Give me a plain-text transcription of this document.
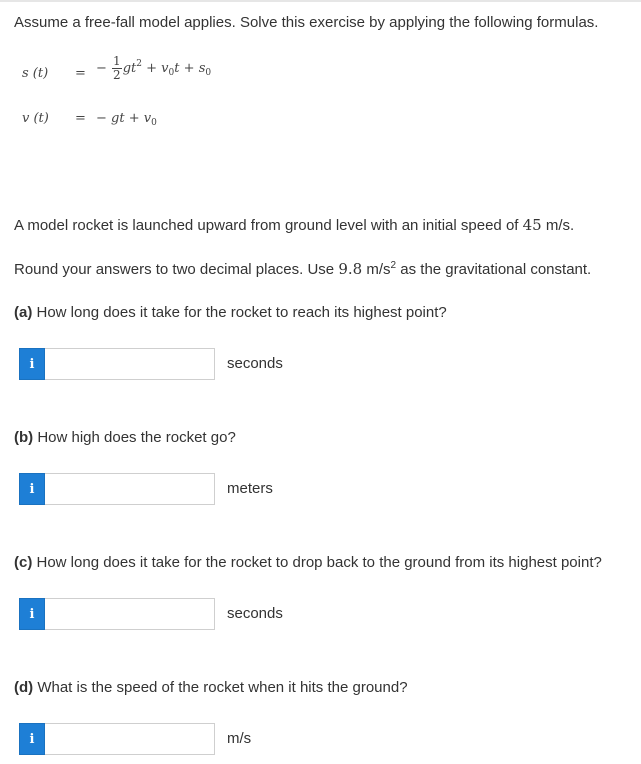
Assume a free-fall model applies. Solve this exercise by applying the following formulas.
s (t) = − $\frac{1}{2} gt^2 + v_0t + s_0$
v (t) = − gt + $v_0$
A model rocket is launched upward from ground level with an initial speed of 45 m/s.
Round your answers to two decimal places. Use 9.8 $m/s^2$ as the gravitational constant.
(a) How long does it take for the rocket to reach its highest point?
i	seconds
(b) How high does the rocket go?
i	meters
(c) How long does it take for the rocket to drop back to the ground from its highest point?
i	seconds
(d) What is the speed of the rocket when it hits the ground?
i	m/s
